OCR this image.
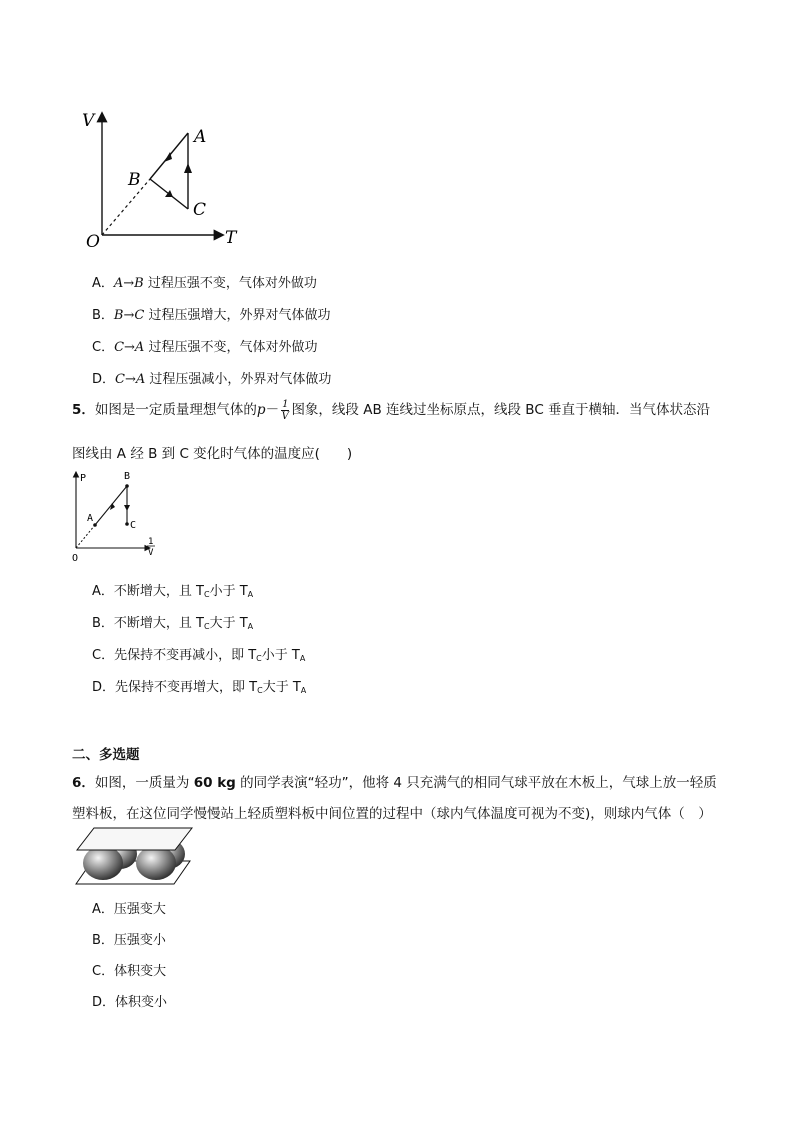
V
T
O
A
B
C
A．A→B 过程压强不变，气体对外做功
B．B→C 过程压强增大，外界对气体做功
C．C→A 过程压强不变，气体对外做功
D．C→A 过程压强减小，外界对气体做功
5．如图是一定质量理想气体的$p- \frac{1}{V}$ 图象，线段 AB 连线过坐标原点，线段 BC 垂直于横轴．当气体状态沿
图线由 A 经 B 到 C 变化时气体的温度应(　　)
P
O
A
B
C
1
V
A．不断增大，且 $T_C$小于 $T_A$
B．不断增大，且 $T_C$大于 $T_A$
C．先保持不变再减小，即 $T_C$小于 $T_A$
D．先保持不变再增大，即 $T_C$大于 $T_A$
二、多选题
6．如图，一质量为 60 kg 的同学表演“轻功”，他将 4 只充满气的相同气球平放在木板上，气球上放一轻质
塑料板，在这位同学慢慢站上轻质塑料板中间位置的过程中（球内气体温度可视为不变)，则球内气体（　）
A．压强变大
B．压强变小
C．体积变大
D．体积变小
